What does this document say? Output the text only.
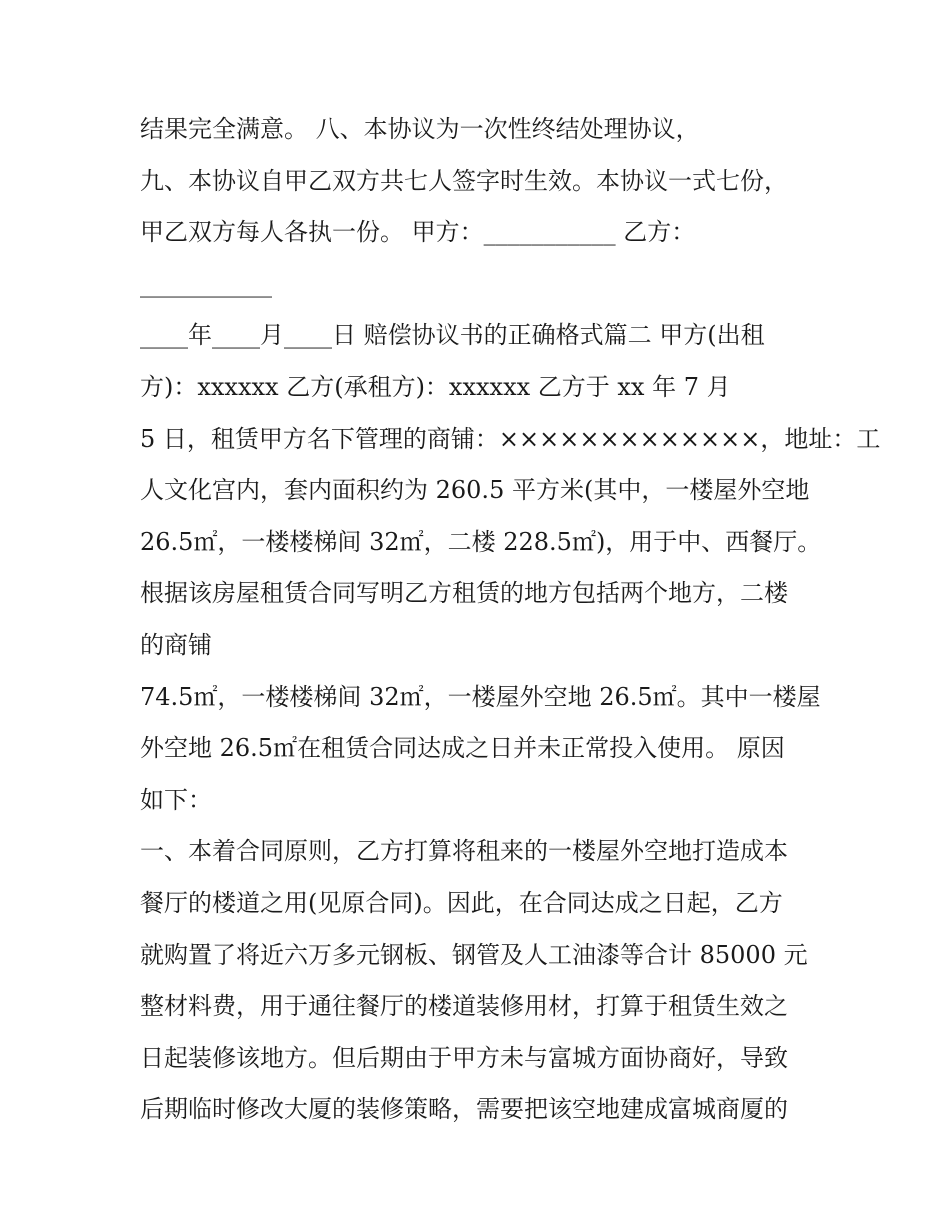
结果完全满意。 八、本协议为一次性终结处理协议，
九、本协议自甲乙双方共七人签字时生效。本协议一式七份，
甲乙双方每人各执一份。 甲方：___________ 乙方：
___________
____年____月____日 赔偿协议书的正确格式篇二 甲方(出租
方)：xxxxxx 乙方(承租方)：xxxxxx 乙方于 xx 年 7 月
5 日，租赁甲方名下管理的商铺：×××××××××××××，地址：工
人文化宫内，套内面积约为 260.5 平方米(其中，一楼屋外空地
26.5㎡，一楼楼梯间 32㎡，二楼 228.5㎡)，用于中、西餐厅。
根据该房屋租赁合同写明乙方租赁的地方包括两个地方，二楼
的商铺
74.5㎡，一楼楼梯间 32㎡，一楼屋外空地 26.5㎡。其中一楼屋
外空地 26.5㎡在租赁合同达成之日并未正常投入使用。 原因
如下：
一、本着合同原则，乙方打算将租来的一楼屋外空地打造成本
餐厅的楼道之用(见原合同)。因此，在合同达成之日起，乙方
就购置了将近六万多元钢板、钢管及人工油漆等合计 85000 元
整材料费，用于通往餐厅的楼道装修用材，打算于租赁生效之
日起装修该地方。但后期由于甲方未与富城方面协商好，导致
后期临时修改大厦的装修策略，需要把该空地建成富城商厦的
